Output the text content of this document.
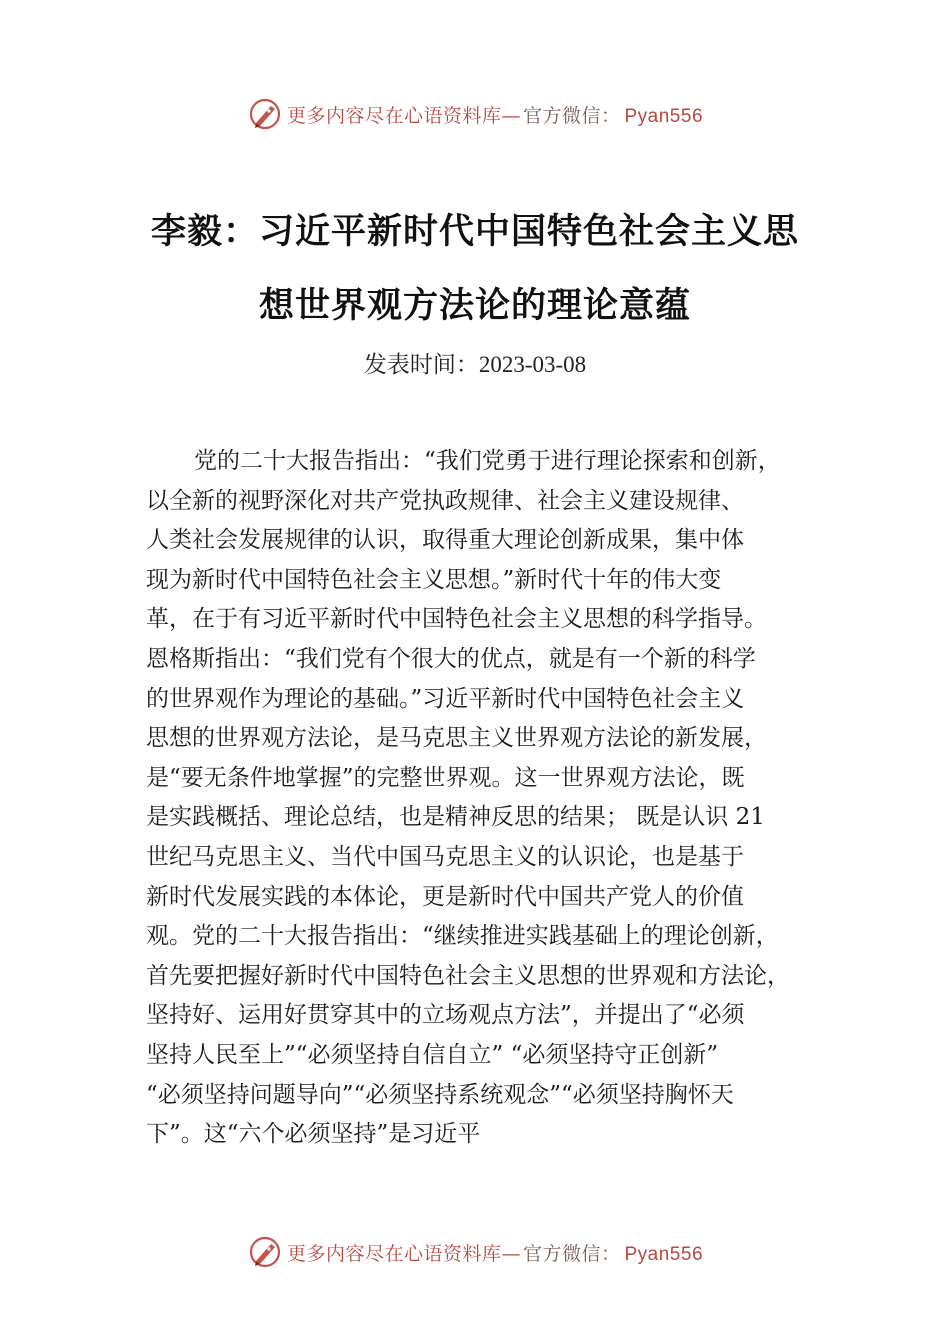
更多内容尽在心语资料库— 官方微信： Pyan556
李毅：习近平新时代中国特色社会主义思
想世界观方法论的理论意蕴
发表时间：2023-03-08
党的二十大报告指出：“我们党勇于进行理论探索和创新，
以全新的视野深化对共产党执政规律、社会主义建设规律、
人类社会发展规律的认识，取得重大理论创新成果，集中体
现为新时代中国特色社会主义思想。”新时代十年的伟大变
革，在于有习近平新时代中国特色社会主义思想的科学指导。
恩格斯指出：“我们党有个很大的优点，就是有一个新的科学
的世界观作为理论的基础。”习近平新时代中国特色社会主义
思想的世界观方法论，是马克思主义世界观方法论的新发展，
是“要无条件地掌握”的完整世界观。这一世界观方法论，既
是实践概括、理论总结，也是精神反思的结果； 既是认识 21
世纪马克思主义、当代中国马克思主义的认识论，也是基于
新时代发展实践的本体论，更是新时代中国共产党人的价值
观。党的二十大报告指出：“继续推进实践基础上的理论创新，
首先要把握好新时代中国特色社会主义思想的世界观和方法论，
坚持好、运用好贯穿其中的立场观点方法”，并提出了“必须
坚持人民至上”“必须坚持自信自立” “必须坚持守正创新”
“必须坚持问题导向”“必须坚持系统观念”“必须坚持胸怀天
下”。这“六个必须坚持”是习近平
更多内容尽在心语资料库— 官方微信： Pyan556
